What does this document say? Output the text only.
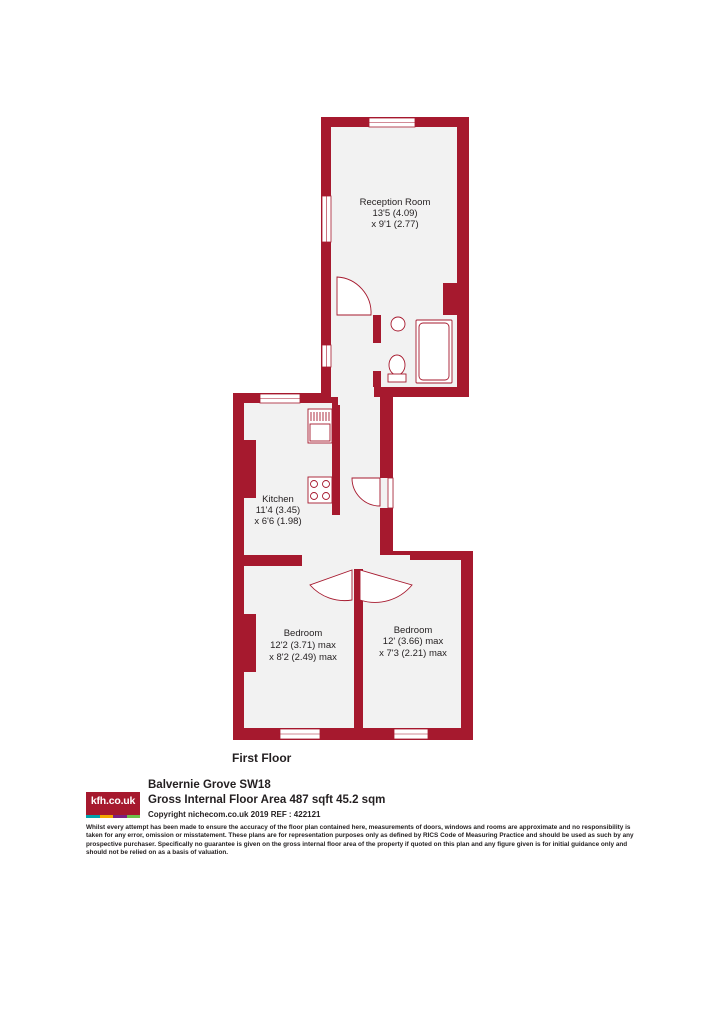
Reception Room
13'5 (4.09)
x 9'1 (2.77)
Kitchen
11'4 (3.45)
x 6'6 (1.98)
Bedroom
12'2 (3.71) max
x 8'2 (2.49) max
Bedroom
12' (3.66) max
x 7'3 (2.21) max
First Floor
kfh.co.uk
Balvernie Grove SW18
Gross Internal Floor Area 487 sqft 45.2 sqm
Copyright nichecom.co.uk 2019 REF : 422121
Whilst every attempt has been made to ensure the accuracy of the floor plan contained here, measurements of doors, windows and rooms are approximate and no responsibility is taken for any error, omission or misstatement. These plans are for representation purposes only as defined by RICS Code of Measuring Practice and should be used as such by any prospective purchaser. Specifically no guarantee is given on the gross internal floor area of the property if quoted on this plan and any figure given is for initial guidance only and should not be relied on as a basis of valuation.
